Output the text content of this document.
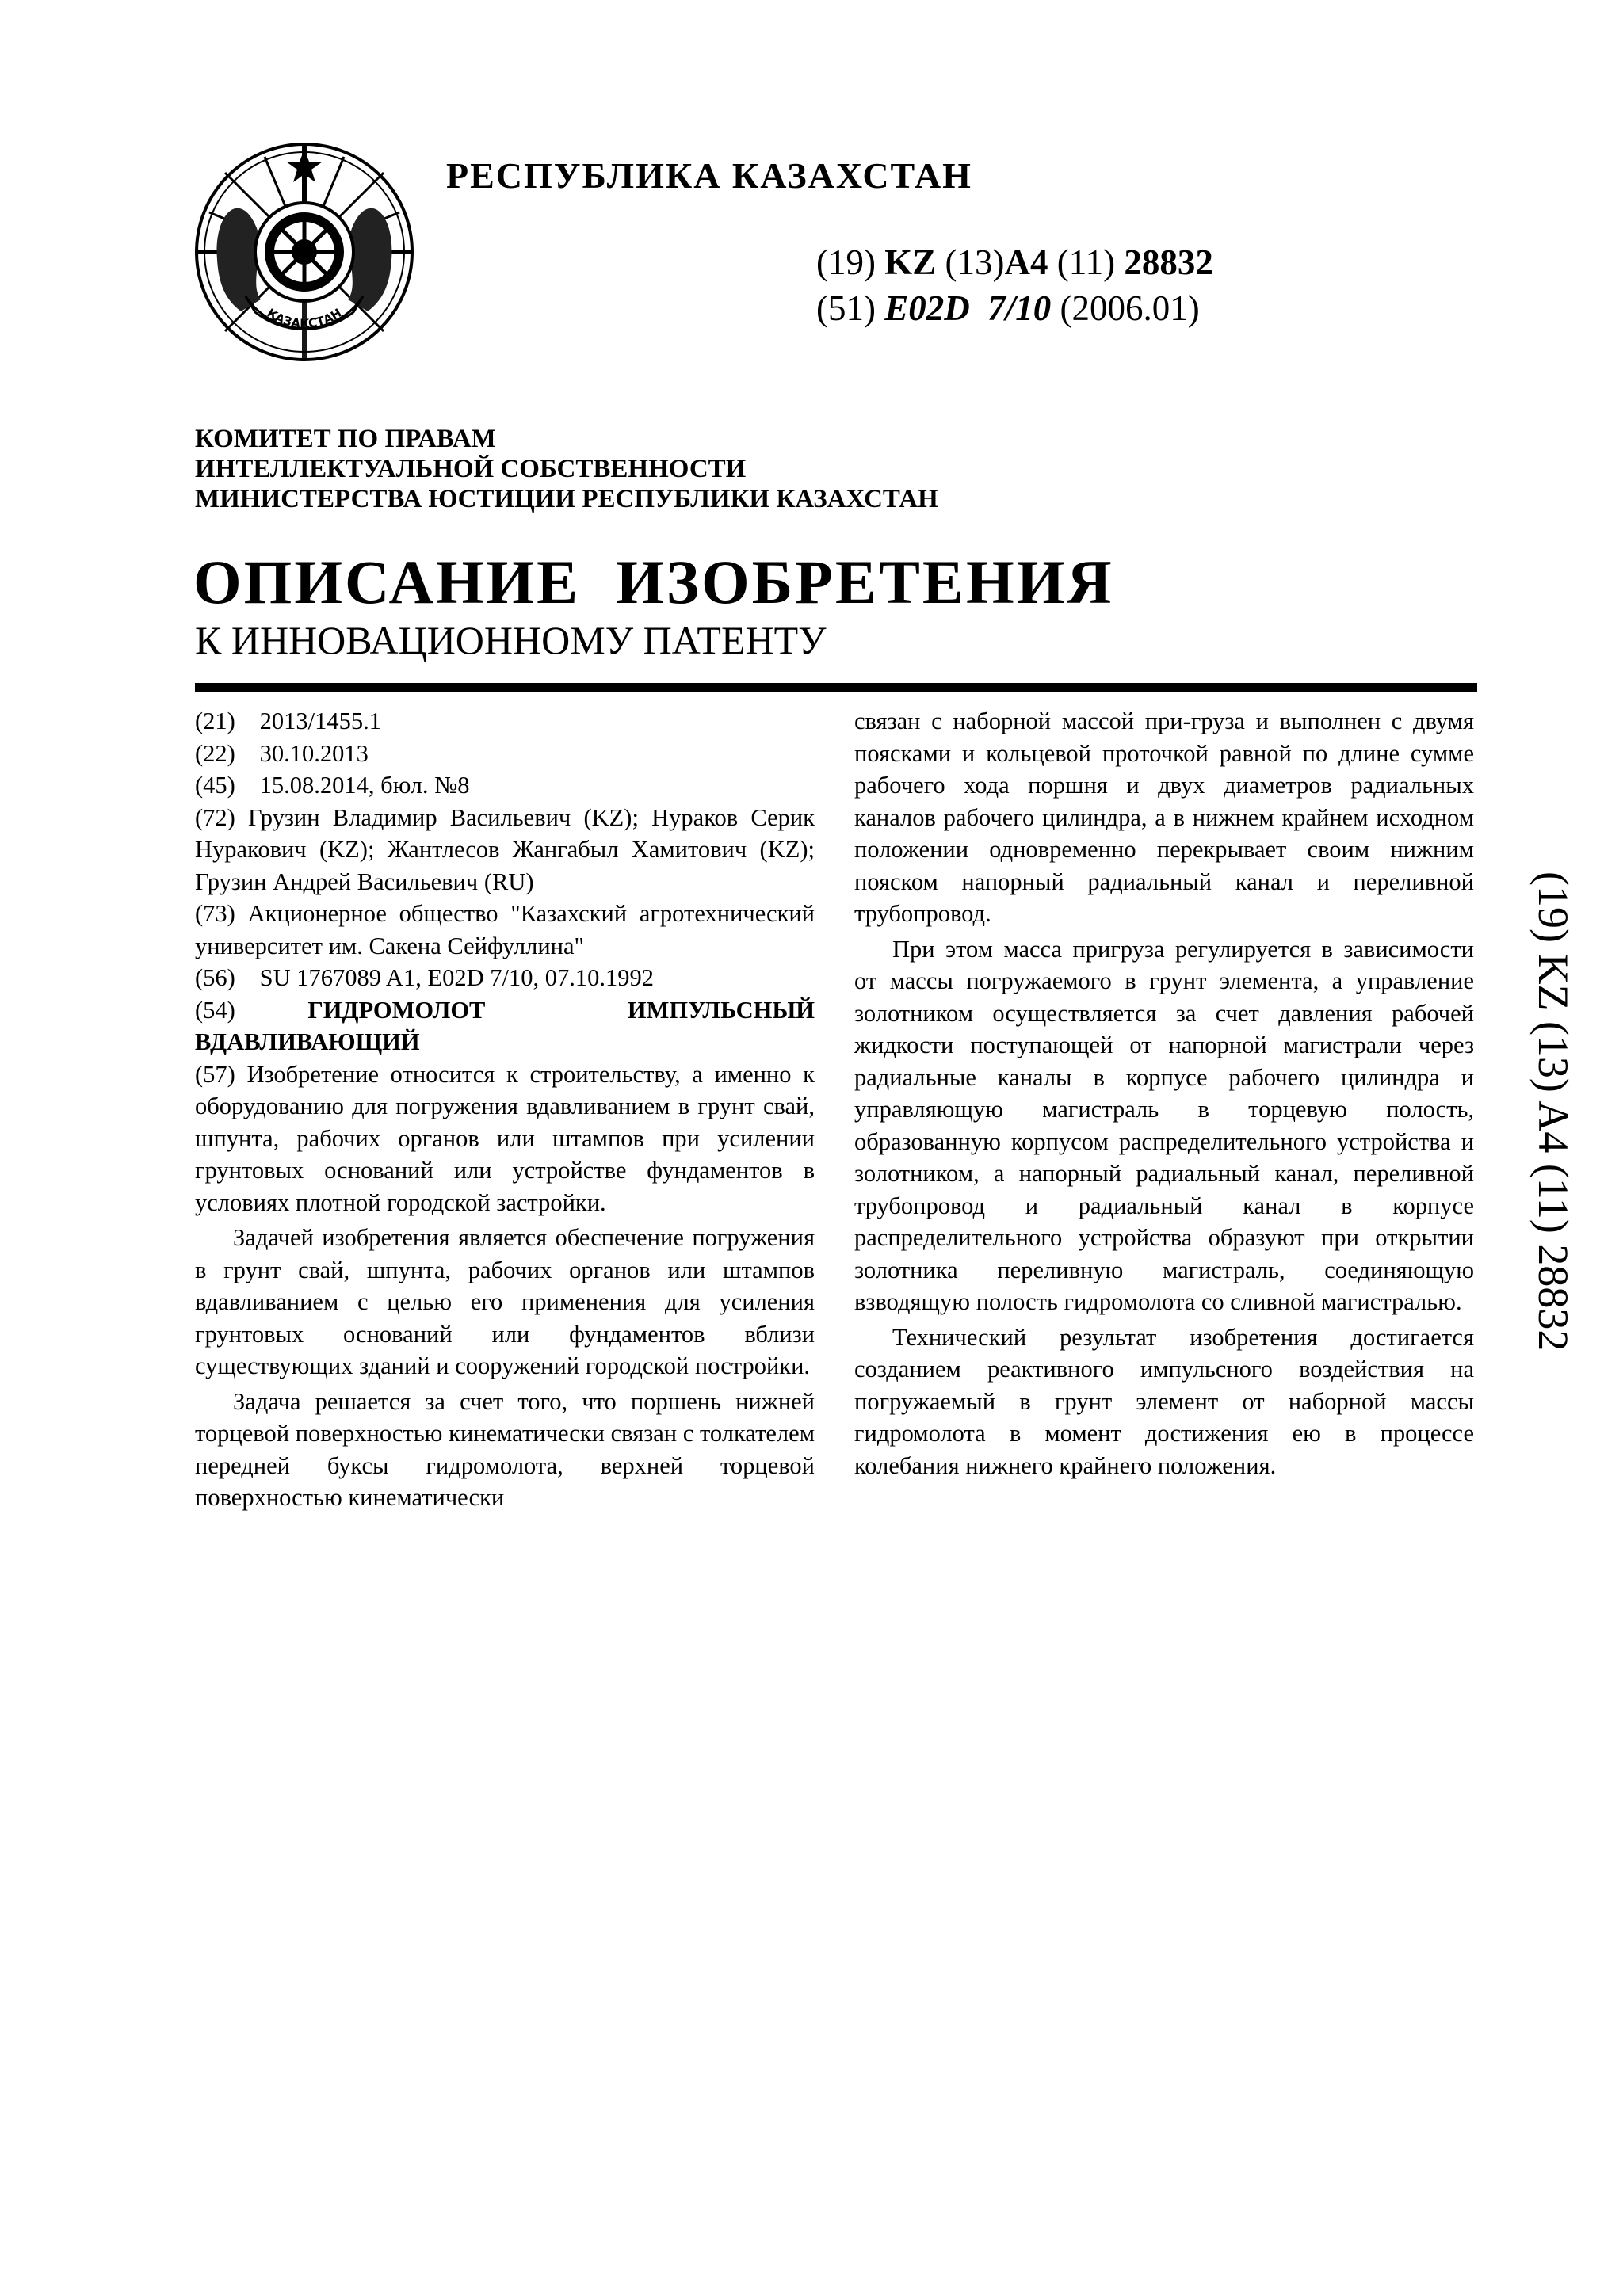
ҚАЗАҚСТАН
РЕСПУБЛИКА КАЗАХСТАН
(19) KZ (13)A4 (11) 28832
(51) E02D  7/10 (2006.01)
КОМИТЕТ ПО ПРАВАМ
ИНТЕЛЛЕКТУАЛЬНОЙ СОБСТВЕННОСТИ
МИНИСТЕРСТВА ЮСТИЦИИ РЕСПУБЛИКИ КАЗАХСТАН
ОПИСАНИЕ  ИЗОБРЕТЕНИЯ
К ИННОВАЦИОННОМУ ПАТЕНТУ
(21) 2013/1455.1
(22) 30.10.2013
(45) 15.08.2014, бюл. №8

(72) Грузин Владимир Васильевич (KZ); Нураков Серик Нуракович (KZ); Жантлесов Жангабыл Хамитович (KZ); Грузин Андрей Васильевич (RU)

(73) Акционерное общество "Казахский агротехнический университет им. Сакена Сейфуллина"

(56) SU 1767089 A1, E02D 7/10, 07.10.1992

(54)   	ГИДРОМОЛОТ ИМПУЛЬСНЫЙ ВДАВЛИВАЮЩИЙ

(57) Изобретение относится к строительству, а именно к оборудованию для погружения вдавливанием в грунт свай, шпунта, рабочих органов или штампов при усилении грунтовых оснований или устройстве фундаментов в условиях плотной городской застройки.

Задачей изобретения является обеспечение погружения в грунт свай, шпунта, рабочих органов или штампов вдавливанием с целью его применения для усиления грунтовых оснований или фундаментов вблизи существующих зданий и сооружений городской постройки.

Задача решается за счет того, что поршень нижней торцевой поверхностью кинематически связан с толкателем передней буксы гидромолота, верхней торцевой поверхностью кинематически

связан с наборной массой при-груза и выполнен с двумя поясками и кольцевой проточкой равной по длине сумме рабочего хода поршня и двух диаметров радиальных каналов рабочего цилиндра, а в нижнем крайнем исходном положении одновременно перекрывает своим нижним пояском напорный радиальный канал и переливной трубопровод.

При этом масса пригруза регулируется в зависимости от массы погружаемого в грунт элемента, а управление золотником осуществляется за счет давления рабочей жидкости поступающей от напорной магистрали через радиальные каналы в корпусе рабочего цилиндра и управляющую магистраль в торцевую полость, образованную корпусом распределительного устройства и золотником, а напорный радиальный канал, переливной трубопровод и радиальный канал в корпусе распределительного устройства образуют при открытии золотника переливную магистраль, соединяющую взводящую полость гидромолота со сливной магистралью.

Технический результат изобретения достигается созданием реактивного импульсного воздействия на погружаемый в грунт элемент от наборной массы гидромолота в момент достижения ею в процессе колебания нижнего крайнего положения.

(19) KZ (13) A4 (11) 28832
